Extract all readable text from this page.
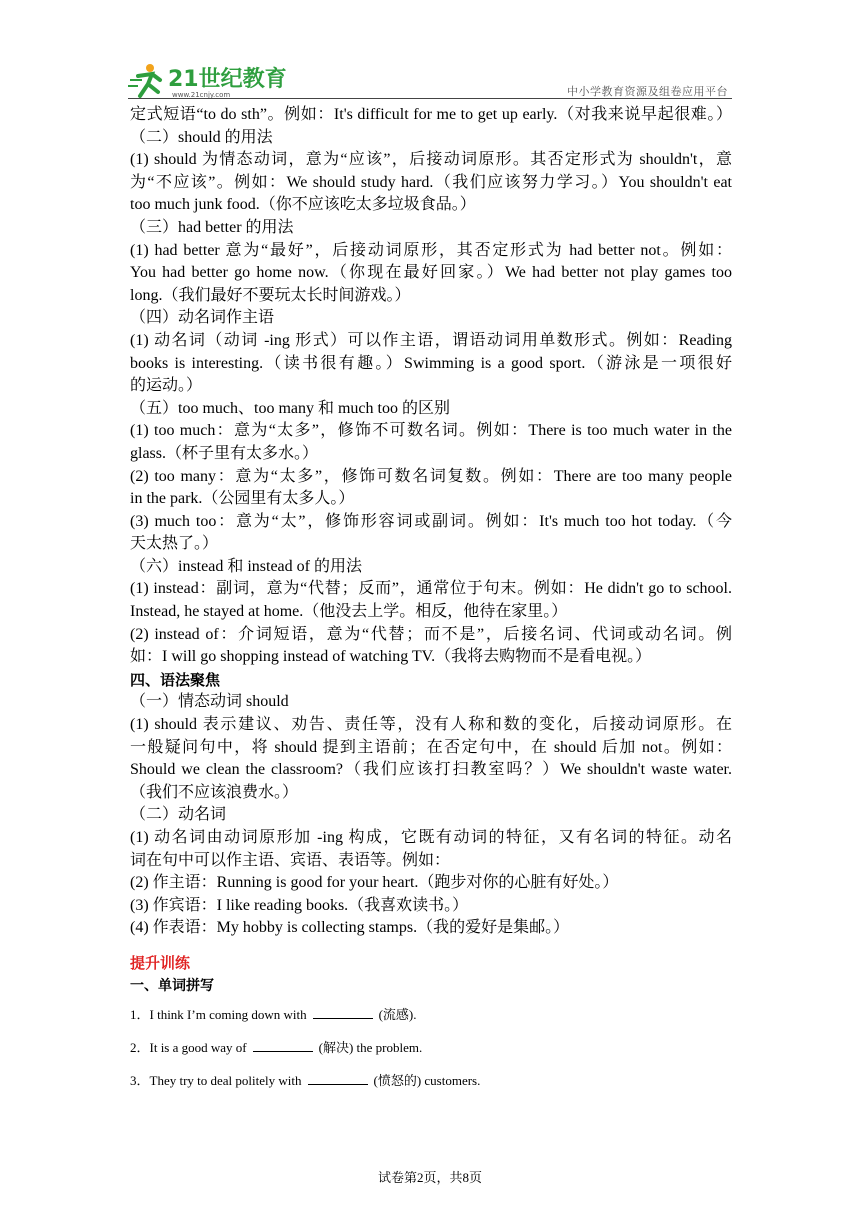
21世纪教育
www.21cnjy.com	中小学教育资源及组卷应用平台
定式短语“to do sth”。例如：It's difficult for me to get up early.（对我来说早起很难。）
（二）should 的用法
(1) should 为情态动词，意为“应该”，后接动词原形。其否定形式为 shouldn't，意
为“不应该”。例如：We should study hard.（我们应该努力学习。）You shouldn't eat
too much junk food.（你不应该吃太多垃圾食品。）
（三）had better 的用法
(1) had better 意为“最好”，后接动词原形，其否定形式为 had better not。例如：
You had better go home now.（你现在最好回家。）We had better not play games too
long.（我们最好不要玩太长时间游戏。）
（四）动名词作主语
(1) 动名词（动词 -ing 形式）可以作主语，谓语动词用单数形式。例如：Reading
books is interesting.（读书很有趣。）Swimming is a good sport.（游泳是一项很好
的运动。）
（五）too much、too many 和 much too 的区别
(1) too much：意为“太多”，修饰不可数名词。例如：There is too much water in the
glass.（杯子里有太多水。）
(2) too many：意为“太多”，修饰可数名词复数。例如：There are too many people
in the park.（公园里有太多人。）
(3) much too：意为“太”，修饰形容词或副词。例如：It's much too hot today.（今
天太热了。）
（六）instead 和 instead of 的用法
(1) instead：副词，意为“代替；反而”，通常位于句末。例如：He didn't go to school.
Instead, he stayed at home.（他没去上学。相反，他待在家里。）
(2) instead of：介词短语，意为“代替；而不是”，后接名词、代词或动名词。例
如：I will go shopping instead of watching TV.（我将去购物而不是看电视。）
四、语法聚焦
（一）情态动词 should
(1) should 表示建议、劝告、责任等，没有人称和数的变化，后接动词原形。在
一般疑问句中，将 should 提到主语前；在否定句中，在 should 后加 not。例如：
Should we clean the classroom?（我们应该打扫教室吗？）We shouldn't waste water.
（我们不应该浪费水。）
（二）动名词
(1) 动名词由动词原形加 -ing 构成，它既有动词的特征，又有名词的特征。动名
词在句中可以作主语、宾语、表语等。例如：
(2) 作主语：Running is good for your heart.（跑步对你的心脏有好处。）
(3) 作宾语：I like reading books.（我喜欢读书。）
(4) 作表语：My hobby is collecting stamps.（我的爱好是集邮。）
提升训练
一、单词拼写
1．I think I’m coming down with	(流感).
2．It is a good way of	(解决) the problem.
3．They try to deal politely with	(愤怒的) customers.
试卷第2页，共8页
